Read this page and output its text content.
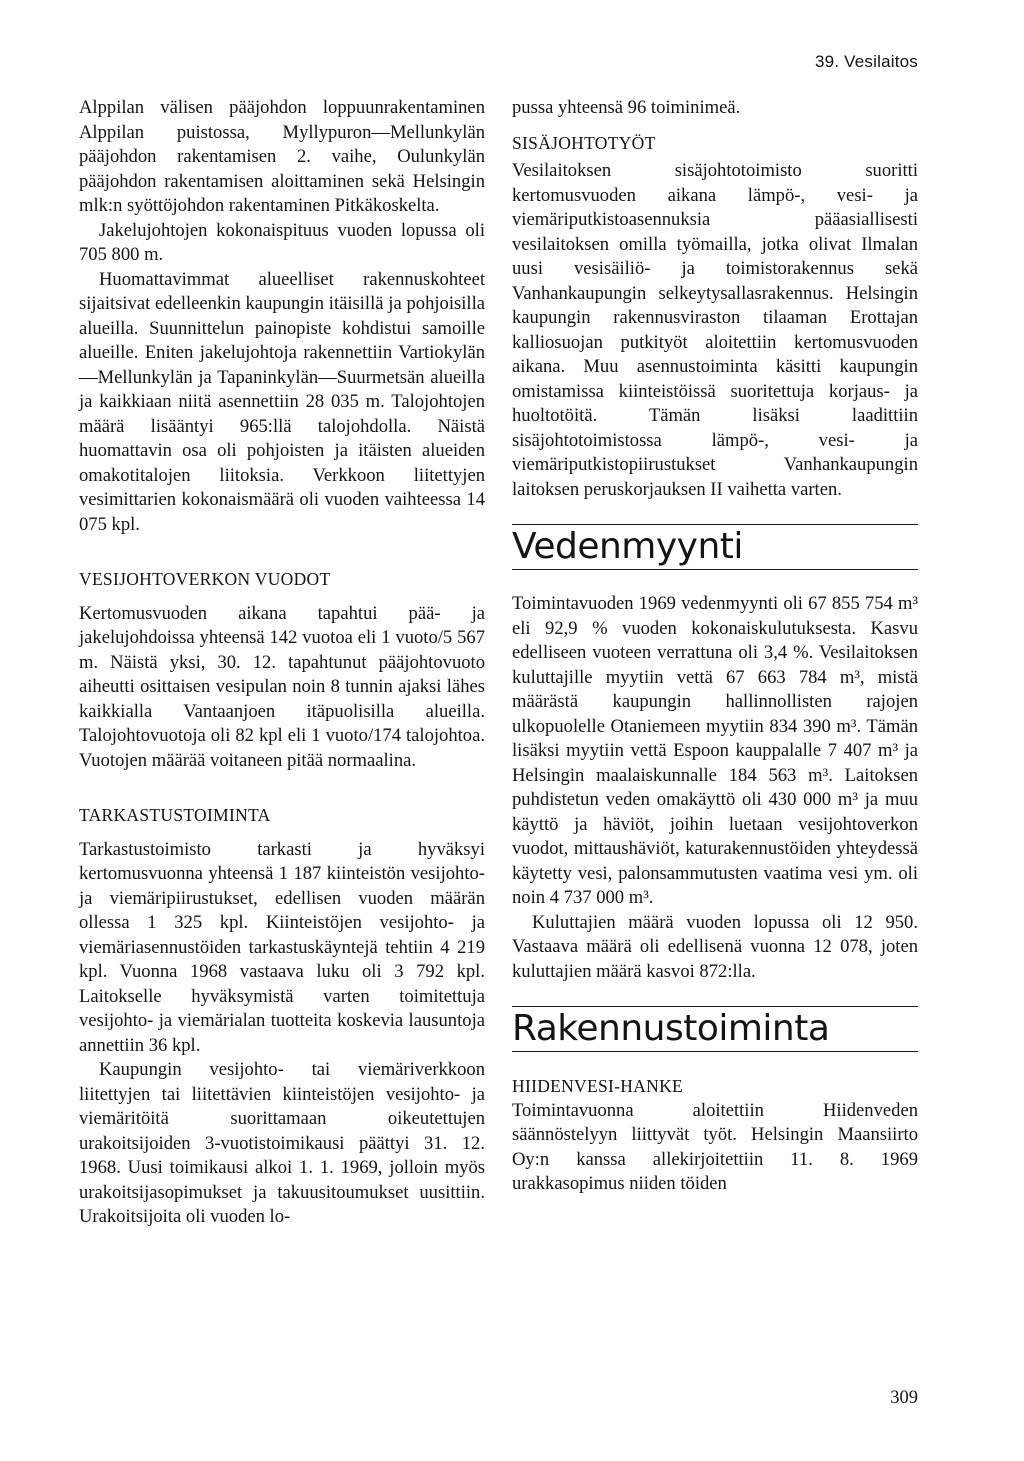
39. Vesilaitos

Alppilan välisen pääjohdon loppuunrakentaminen Alppilan puistossa, Myllypuron—Mellunkylän pääjohdon rakentamisen 2. vaihe, Oulunkylän pääjohdon rakentamisen aloittaminen sekä Helsingin mlk:n syöttöjohdon rakentaminen Pitkäkoskelta.

Jakelujohtojen kokonaispituus vuoden lopussa oli 705 800 m.

Huomattavimmat alueelliset rakennuskohteet sijaitsivat edelleenkin kaupungin itäisillä ja pohjoisilla alueilla. Suunnittelun painopiste kohdistui samoille alueille. Eniten jakelujohtoja rakennettiin Vartiokylän—Mellunkylän ja Tapaninkylän—Suurmetsän alueilla ja kaikkiaan niitä asennettiin 28 035 m. Talojohtojen määrä lisääntyi 965:llä talojohdolla. Näistä huomattavin osa oli pohjoisten ja itäisten alueiden omakotitalojen liitoksia. Verkkoon liitettyjen vesimittarien kokonaismäärä oli vuoden vaihteessa 14 075 kpl.

VESIJOHTOVERKON VUODOT

Kertomusvuoden aikana tapahtui pää- ja jakelujohdoissa yhteensä 142 vuotoa eli 1 vuoto/5 567 m. Näistä yksi, 30. 12. tapahtunut pääjohtovuoto aiheutti osittaisen vesipulan noin 8 tunnin ajaksi lähes kaikkialla Vantaanjoen itäpuolisilla alueilla. Talojohtovuotoja oli 82 kpl eli 1 vuoto/174 talojohtoa. Vuotojen määrää voitaneen pitää normaalina.

TARKASTUSTOIMINTA

Tarkastustoimisto tarkasti ja hyväksyi kertomusvuonna yhteensä 1 187 kiinteistön vesijohto- ja viemäripiirustukset, edellisen vuoden määrän ollessa 1 325 kpl. Kiinteistöjen vesijohto- ja viemäriasennustöiden tarkastuskäyntejä tehtiin 4 219 kpl. Vuonna 1968 vastaava luku oli 3 792 kpl. Laitokselle hyväksymistä varten toimitettuja vesijohto- ja viemärialan tuotteita koskevia lausuntoja annettiin 36 kpl.

Kaupungin vesijohto- tai viemäriverkkoon liitettyjen tai liitettävien kiinteistöjen vesijohto- ja viemäritöitä suorittamaan oikeutettujen urakoitsijoiden 3-vuotistoimikausi päättyi 31. 12. 1968. Uusi toimikausi alkoi 1. 1. 1969, jolloin myös urakoitsijasopimukset ja takuusitoumukset uusittiin. Urakoitsijoita oli vuoden lo-

pussa yhteensä 96 toiminimeä.

SISÄJOHTOTYÖT

Vesilaitoksen sisäjohtotoimisto suoritti kertomusvuoden aikana lämpö-, vesi- ja viemäriputkistoasennuksia pääasiallisesti vesilaitoksen omilla työmailla, jotka olivat Ilmalan uusi vesisäiliö- ja toimistorakennus sekä Vanhankaupungin selkeytysallasrakennus. Helsingin kaupungin rakennusviraston tilaaman Erottajan kalliosuojan putkityöt aloitettiin kertomusvuoden aikana. Muu asennustoiminta käsitti kaupungin omistamissa kiinteistöissä suoritettuja korjaus- ja huoltotöitä. Tämän lisäksi laadittiin sisäjohtotoimistossa lämpö-, vesi- ja viemäriputkistopiirustukset Vanhankaupungin laitoksen peruskorjauksen II vaihetta varten.

Vedenmyynti

Toimintavuoden 1969 vedenmyynti oli 67 855 754 m³ eli 92,9 % vuoden kokonaiskulutuksesta. Kasvu edelliseen vuoteen verrattuna oli 3,4 %. Vesilaitoksen kuluttajille myytiin vettä 67 663 784 m³, mistä määrästä kaupungin hallinnollisten rajojen ulkopuolelle Otaniemeen myytiin 834 390 m³. Tämän lisäksi myytiin vettä Espoon kauppalalle 7 407 m³ ja Helsingin maalaiskunnalle 184 563 m³. Laitoksen puhdistetun veden omakäyttö oli 430 000 m³ ja muu käyttö ja häviöt, joihin luetaan vesijohtoverkon vuodot, mittaushäviöt, katurakennustöiden yhteydessä käytetty vesi, palonsammutusten vaatima vesi ym. oli noin 4 737 000 m³.

Kuluttajien määrä vuoden lopussa oli 12 950. Vastaava määrä oli edellisenä vuonna 12 078, joten kuluttajien määrä kasvoi 872:lla.

Rakennustoiminta
HIIDENVESI-HANKE

Toimintavuonna aloitettiin Hiidenveden säännöstelyyn liittyvät työt. Helsingin Maansiirto Oy:n kanssa allekirjoitettiin 11. 8. 1969 urakkasopimus niiden töiden

309
